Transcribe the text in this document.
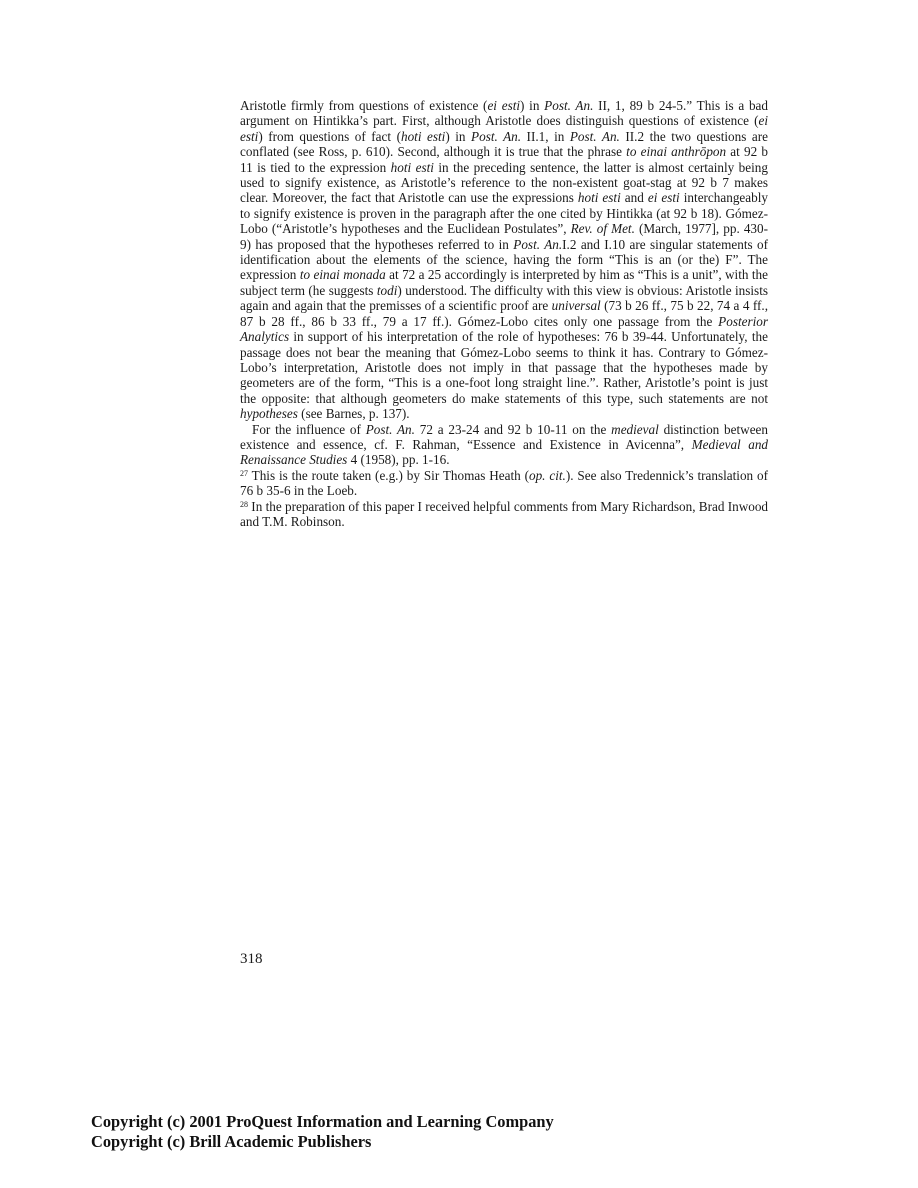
Aristotle firmly from questions of existence (ei esti) in Post. An. II, 1, 89 b 24-5.” This is a bad argument on Hintikka’s part. First, although Aristotle does distinguish questions of existence (ei esti) from questions of fact (hoti esti) in Post. An. II.1, in Post. An. II.2 the two questions are conflated (see Ross, p. 610). Second, although it is true that the phrase to einai anthrōpon at 92 b 11 is tied to the expression hoti esti in the preceding sentence, the latter is almost certainly being used to signify existence, as Aristotle’s reference to the non-existent goat-stag at 92 b 7 makes clear. Moreover, the fact that Aristotle can use the expressions hoti esti and ei esti interchangeably to signify existence is proven in the paragraph after the one cited by Hintikka (at 92 b 18). Gómez-Lobo (“Aristotle’s hypotheses and the Euclidean Postulates”, Rev. of Met. (March, 1977], pp. 430-9) has proposed that the hypotheses referred to in Post. An.I.2 and I.10 are singular statements of identification about the elements of the science, having the form “This is an (or the) F”. The expression to einai monada at 72 a 25 accordingly is interpreted by him as “This is a unit”, with the subject term (he suggests todi) understood. The difficulty with this view is obvious: Aristotle insists again and again that the premisses of a scientific proof are universal (73 b 26 ff., 75 b 22, 74 a 4 ff., 87 b 28 ff., 86 b 33 ff., 79 a 17 ff.). Gómez-Lobo cites only one passage from the Posterior Analytics in support of his interpretation of the role of hypotheses: 76 b 39-44. Unfortunately, the passage does not bear the meaning that Gómez-Lobo seems to think it has. Contrary to Gómez-Lobo’s interpretation, Aristotle does not imply in that passage that the hypotheses made by geometers are of the form, “This is a one-foot long straight line.”. Rather, Aristotle’s point is just the opposite: that although geometers do make statements of this type, such statements are not hypotheses (see Barnes, p. 137).

For the influence of Post. An. 72 a 23-24 and 92 b 10-11 on the medieval distinction between existence and essence, cf. F. Rahman, “Essence and Existence in Avicenna”, Medieval and Renaissance Studies 4 (1958), pp. 1-16.

$^{27}$ This is the route taken (e.g.) by Sir Thomas Heath (op. cit.). See also Tredennick’s translation of 76 b 35-6 in the Loeb.

$^{28}$ In the preparation of this paper I received helpful comments from Mary Richardson, Brad Inwood and T.M. Robinson.

318
Copyright (c) 2001 ProQuest Information and Learning Company
Copyright (c) Brill Academic Publishers
